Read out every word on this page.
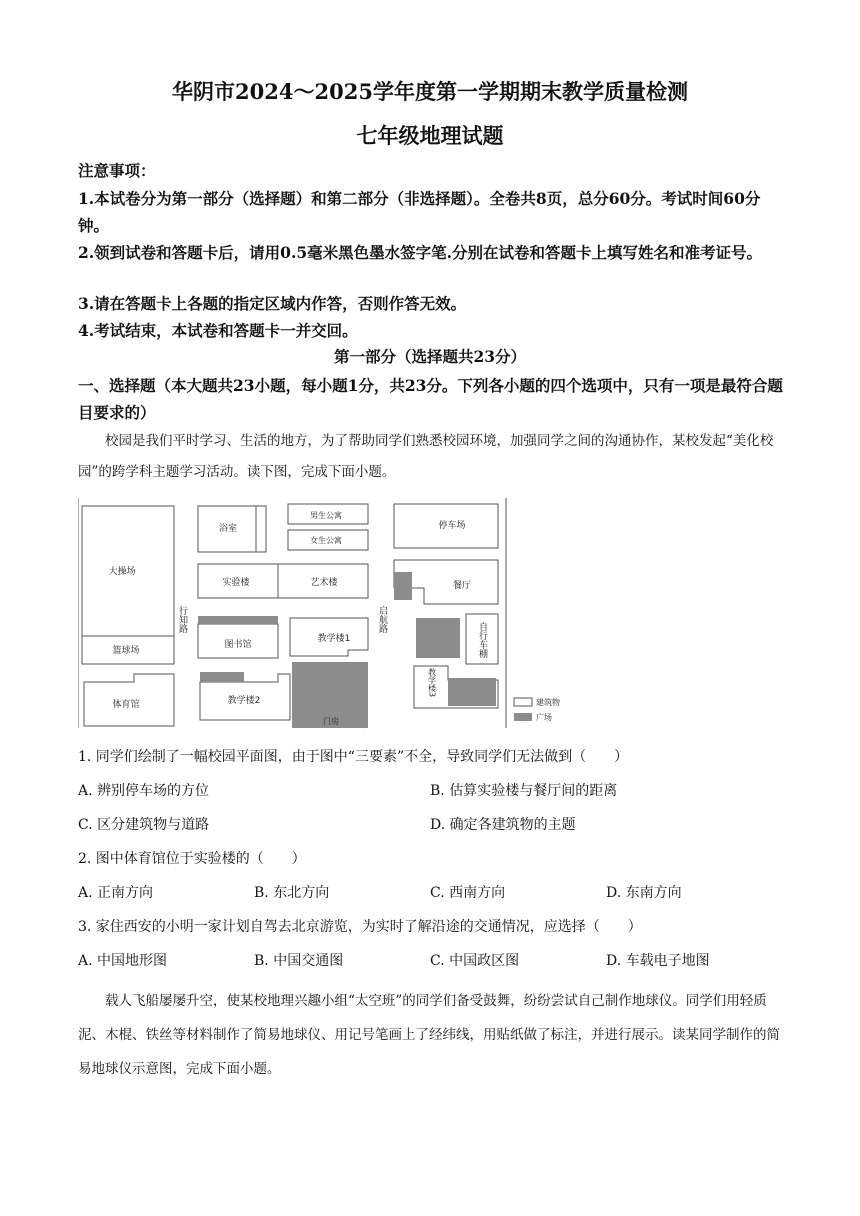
华阴市2024～2025学年度第一学期期末教学质量检测
七年级地理试题
注意事项：
1.本试卷分为第一部分（选择题）和第二部分（非选择题）。全卷共8页，总分60分。考试时间60分钟。
2.领到试卷和答题卡后，请用0.5毫米黑色墨水签字笔.分别在试卷和答题卡上填写姓名和准考证号。
3.请在答题卡上各题的指定区域内作答，否则作答无效。
4.考试结束，本试卷和答题卡一并交回。
第一部分（选择题共23分）
一、选择题（本大题共23小题，每小题1分，共23分。下列各小题的四个选项中，只有一项是最符合题目要求的）
校园是我们平时学习、生活的地方，为了帮助同学们熟悉校园环境，加强同学之间的沟通协作，某校发起“美化校园”的跨学科主题学习活动。读下图，完成下面小题。
大操场
篮球场
体育馆
浴室
男生公寓
女生公寓
实验楼	艺术楼
图书馆
教学楼1
教学楼2
停车场
餐厅
门房
建筑物
广场
行知路	启航路
自行车棚
教学楼3
1. 同学们绘制了一幅校园平面图，由于图中“三要素”不全，导致同学们无法做到（　　）
A. 辨别停车场的方位	B. 估算实验楼与餐厅间的距离
C. 区分建筑物与道路	D. 确定各建筑物的主题
2. 图中体育馆位于实验楼的（　　）
A. 正南方向	B. 东北方向	C. 西南方向	D. 东南方向
3. 家住西安的小明一家计划自驾去北京游览，为实时了解沿途的交通情况，应选择（　　）
A. 中国地形图	B. 中国交通图	C. 中国政区图	D. 车载电子地图
载人飞船屡屡升空，使某校地理兴趣小组“太空班”的同学们备受鼓舞，纷纷尝试自己制作地球仪。同学们用轻质泥、木棍、铁丝等材料制作了简易地球仪、用记号笔画上了经纬线，用贴纸做了标注，并进行展示。读某同学制作的简易地球仪示意图，完成下面小题。
